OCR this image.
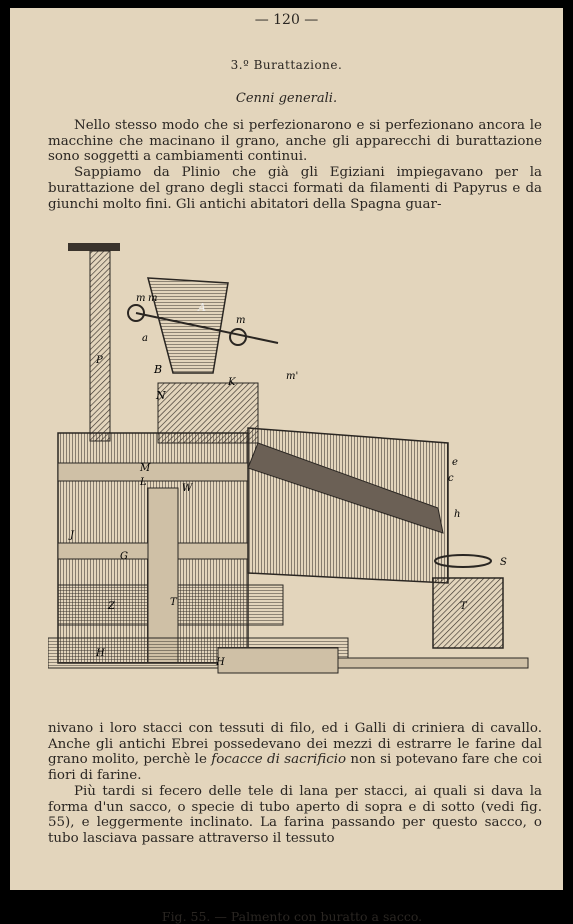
— 120 —
3.º Burattazione.
Cenni generali.

Nello stesso modo che si perfezionarono e si perfezionano ancora le macchine che macinano il grano, anche gli apparecchi di burattazione sono soggetti a cambiamenti continui.

Sappiamo da Plinio che già gli Egiziani impiegavano per la burattazione del grano degli stacci formati da filamenti di Papyrus e da giunchi molto fini. Gli antichi abitatori della Spagna guar-

m m
A
m
a
B
N
K
m'
P
M
L
W
G
Z	T
J
H
H
S
h
c
e
T
Fig. 55. — Palmento con buratto a sacco.

nivano i loro stacci con tessuti di filo, ed i Galli di criniera di cavallo. Anche gli antichi Ebrei possedevano dei mezzi di estrarre le farine dal grano molito, perchè le focacce di sacrificio non si potevano fare che coi fiori di farine.

Più tardi si fecero delle tele di lana per stacci, ai quali si dava la forma d'un sacco, o specie di tubo aperto di sopra e di sotto (vedi fig. 55), e leggermente inclinato. La farina passando per questo sacco, o tubo lasciava passare attraverso il tessuto
